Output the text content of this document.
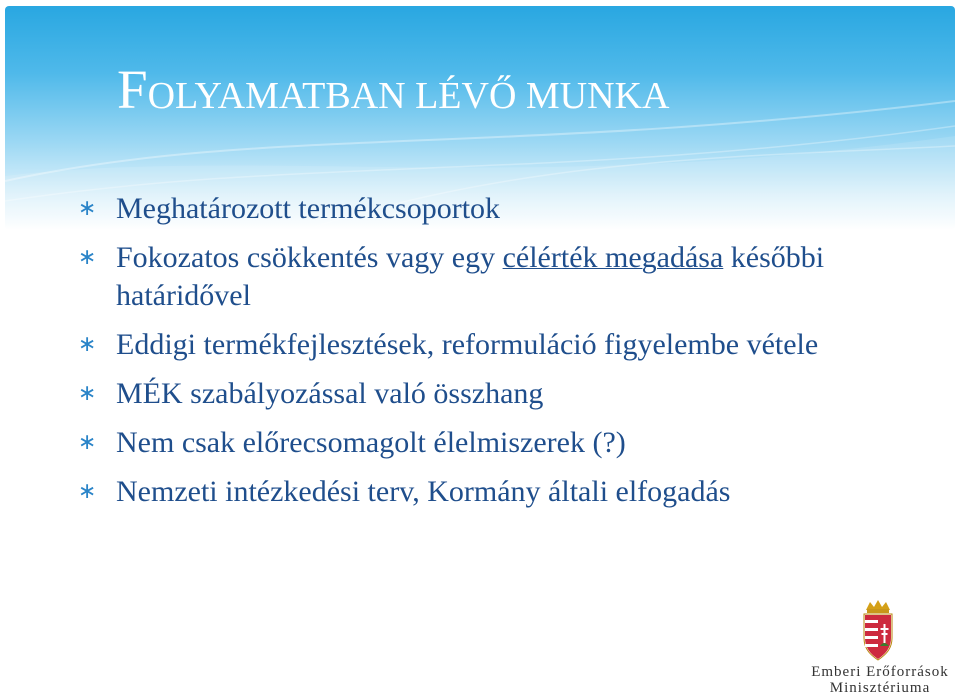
FOLYAMATBAN LÉVŐ MUNKA
∗ Meghatározott termékcsoportok
∗ Fokozatos csökkentés vagy egy célérték megadása későbbi határidővel
∗ Eddigi termékfejlesztések, reformuláció figyelembe vétele
∗ MÉK szabályozással való összhang
∗ Nem csak előrecsomagolt élelmiszerek (?)
∗ Nemzeti intézkedési terv, Kormány általi elfogadás
Emberi Erőforrások
Minisztériuma
